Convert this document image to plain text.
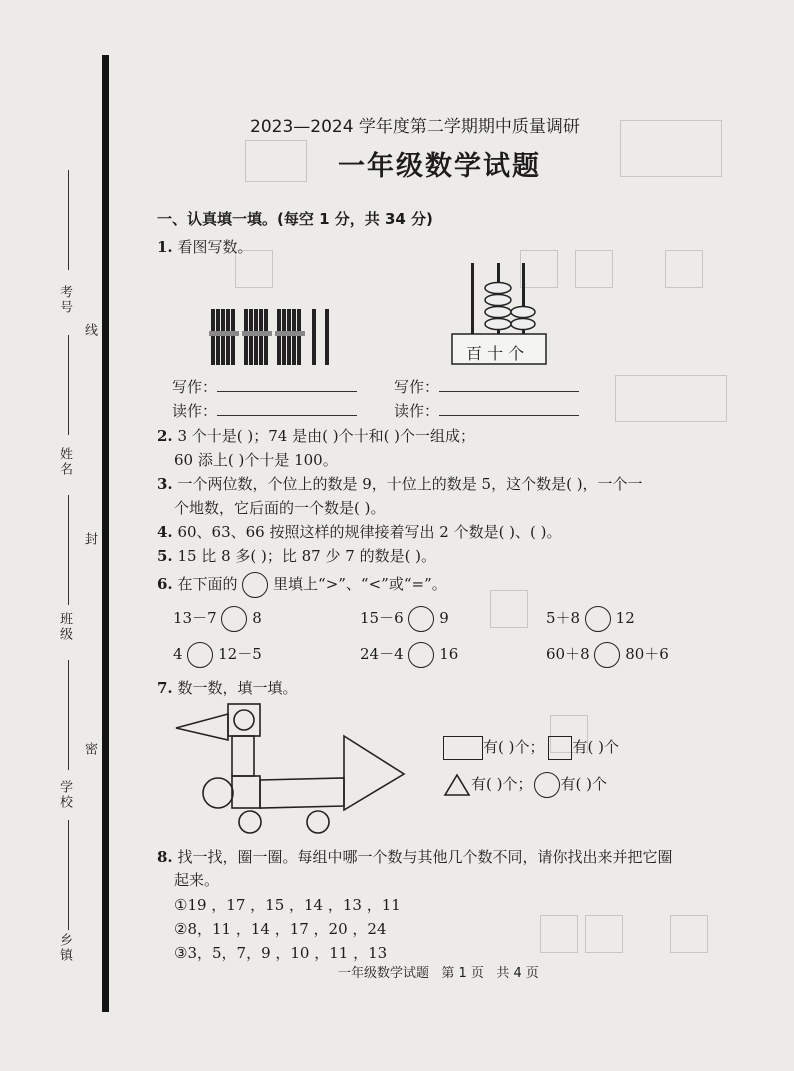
考号
线
姓名
封
班级
密
学校
乡镇
2023—2024 学年度第二学期期中质量调研
一年级数学试题
一、认真填一填。(每空 1 分，共 34 分)
1. 看图写数。
百 十 个
写作：
读作：
写作：
读作：
2. 3 个十是( )；74 是由( )个十和( )个一组成；
60 添上( )个十是 100。
3. 一个两位数，个位上的数是 9，十位上的数是 5，这个数是( )，一个一
个地数，它后面的一个数是( )。
4. 60、63、66 按照这样的规律接着写出 2 个数是( )、( )。
5. 15 比 8 多( )；比 87 少 7 的数是( )。
6. 在下面的 里填上“>”、“<”或“=”。
13－7 8	15－6 9	5＋8 12
4 12－5	24－4 16	60＋8 80＋6
7. 数一数，填一填。
有( )个； 有( )个
有( )个； 有( )个
8. 找一找，圈一圈。每组中哪一个数与其他几个数不同，请你找出来并把它圈
起来。
①19 ，17 ，15 ，14 ，13 ，11
②8，11 ，14 ，17 ，20 ，24
③3，5，7，9 ，10 ，11 ，13
一年级数学试题   第 1 页   共 4 页
